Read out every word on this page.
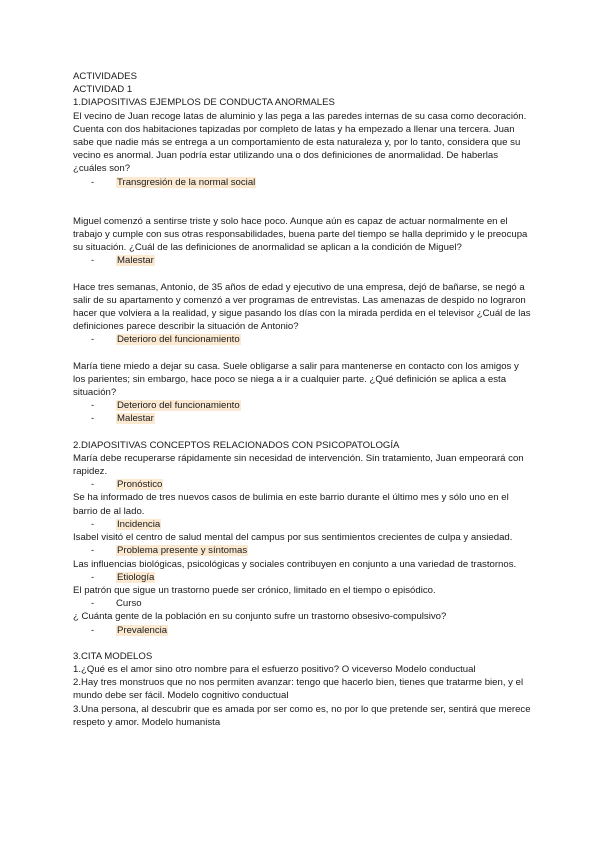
ACTIVIDADES

ACTIVIDAD 1

1.DIAPOSITIVAS EJEMPLOS DE CONDUCTA ANORMALES

El vecino de Juan recoge latas de aluminio y las pega a las paredes internas de su casa como decoración. Cuenta con dos habitaciones tapizadas por completo de latas y ha empezado a llenar una tercera. Juan sabe que nadie más se entrega a un comportamiento de esta naturaleza y, por lo tanto, considera que su vecino es anormal. Juan podría estar utilizando una o dos definiciones de anormalidad. De haberlas ¿cuáles son?

- Transgresión de la normal social

Miguel comenzó a sentirse triste y solo hace poco. Aunque aún es capaz de actuar normalmente en el trabajo y cumple con sus otras responsabilidades, buena parte del tiempo se halla deprimido y le preocupa su situación. ¿Cuál de las definiciones de anormalidad se aplican a la condición de Miguel?

- Malestar

Hace tres semanas, Antonio, de 35 años de edad y ejecutivo de una empresa, dejó de bañarse, se negó a salir de su apartamento y comenzó a ver programas de entrevistas. Las amenazas de despido no lograron hacer que volviera a la realidad, y sigue pasando los días con la mirada perdida en el televisor ¿Cuál de las definiciones parece describir la situación de Antonio?

- Deterioro del funcionamiento

María tiene miedo a dejar su casa. Suele obligarse a salir para mantenerse en contacto con los amigos y los parientes; sin embargo, hace poco se niega a ir a cualquier parte. ¿Qué definición se aplica a esta situación?

- Deterioro del funcionamiento
- Malestar

2.DIAPOSITIVAS CONCEPTOS RELACIONADOS CON PSICOPATOLOGÍA

María debe recuperarse rápidamente sin necesidad de intervención. Sin tratamiento, Juan empeorará con rapidez.

- Pronóstico

Se ha informado de tres nuevos casos de bulimia en este barrio durante el último mes y sólo uno en el barrio de al lado.

- Incidencia

Isabel visitó el centro de salud mental del campus por sus sentimientos crecientes de culpa y ansiedad.

- Problema presente y síntomas

Las influencias biológicas, psicológicas y sociales contribuyen en conjunto a una variedad de trastornos.

- Etiología

El patrón que sigue un trastorno puede ser crónico, limitado en el tiempo o episódico.

- Curso

¿ Cuánta gente de la población en su conjunto sufre un trastorno obsesivo-compulsivo?

- Prevalencia

3.CITA MODELOS

1.¿Qué es el amor sino otro nombre para el esfuerzo positivo? O viceverso Modelo conductual

2.Hay tres monstruos que no nos permiten avanzar: tengo que hacerlo bien, tienes que tratarme bien, y el mundo debe ser fácil. Modelo cognitivo conductual

3.Una persona, al descubrir que es amada por ser como es, no por lo que pretende ser, sentirá que merece respeto y amor. Modelo humanista
